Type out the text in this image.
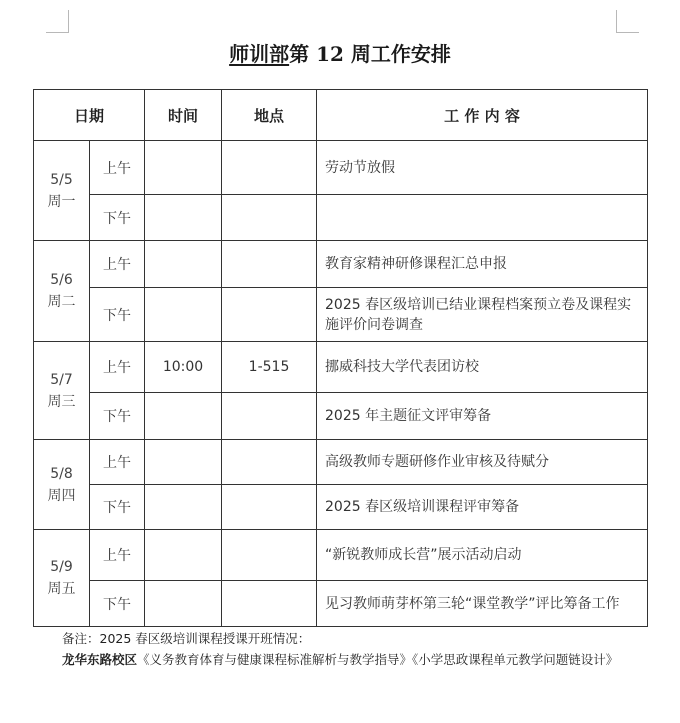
师训部第 12 周工作安排
日期		时间	地点	工 作 内 容

5/5
周一	上午			劳动节放假
	下午			

5/6
周二	上午			教育家精神研修课程汇总申报
	下午			2025 春区级培训已结业课程档案预立卷及课程实施评价问卷调查

5/7
周三	上午	10:00	1-515	挪威科技大学代表团访校
	下午			2025 年主题征文评审筹备

5/8
周四	上午			高级教师专题研修作业审核及待赋分
	下午			2025 春区级培训课程评审筹备

5/9
周五	上午			“新锐教师成长营”展示活动启动
	下午			见习教师萌芽杯第三轮“课堂教学”评比筹备工作
备注：2025 春区级培训课程授课开班情况：
龙华东路校区《义务教育体育与健康课程标准解析与教学指导》《小学思政课程单元教学问题链设计》
